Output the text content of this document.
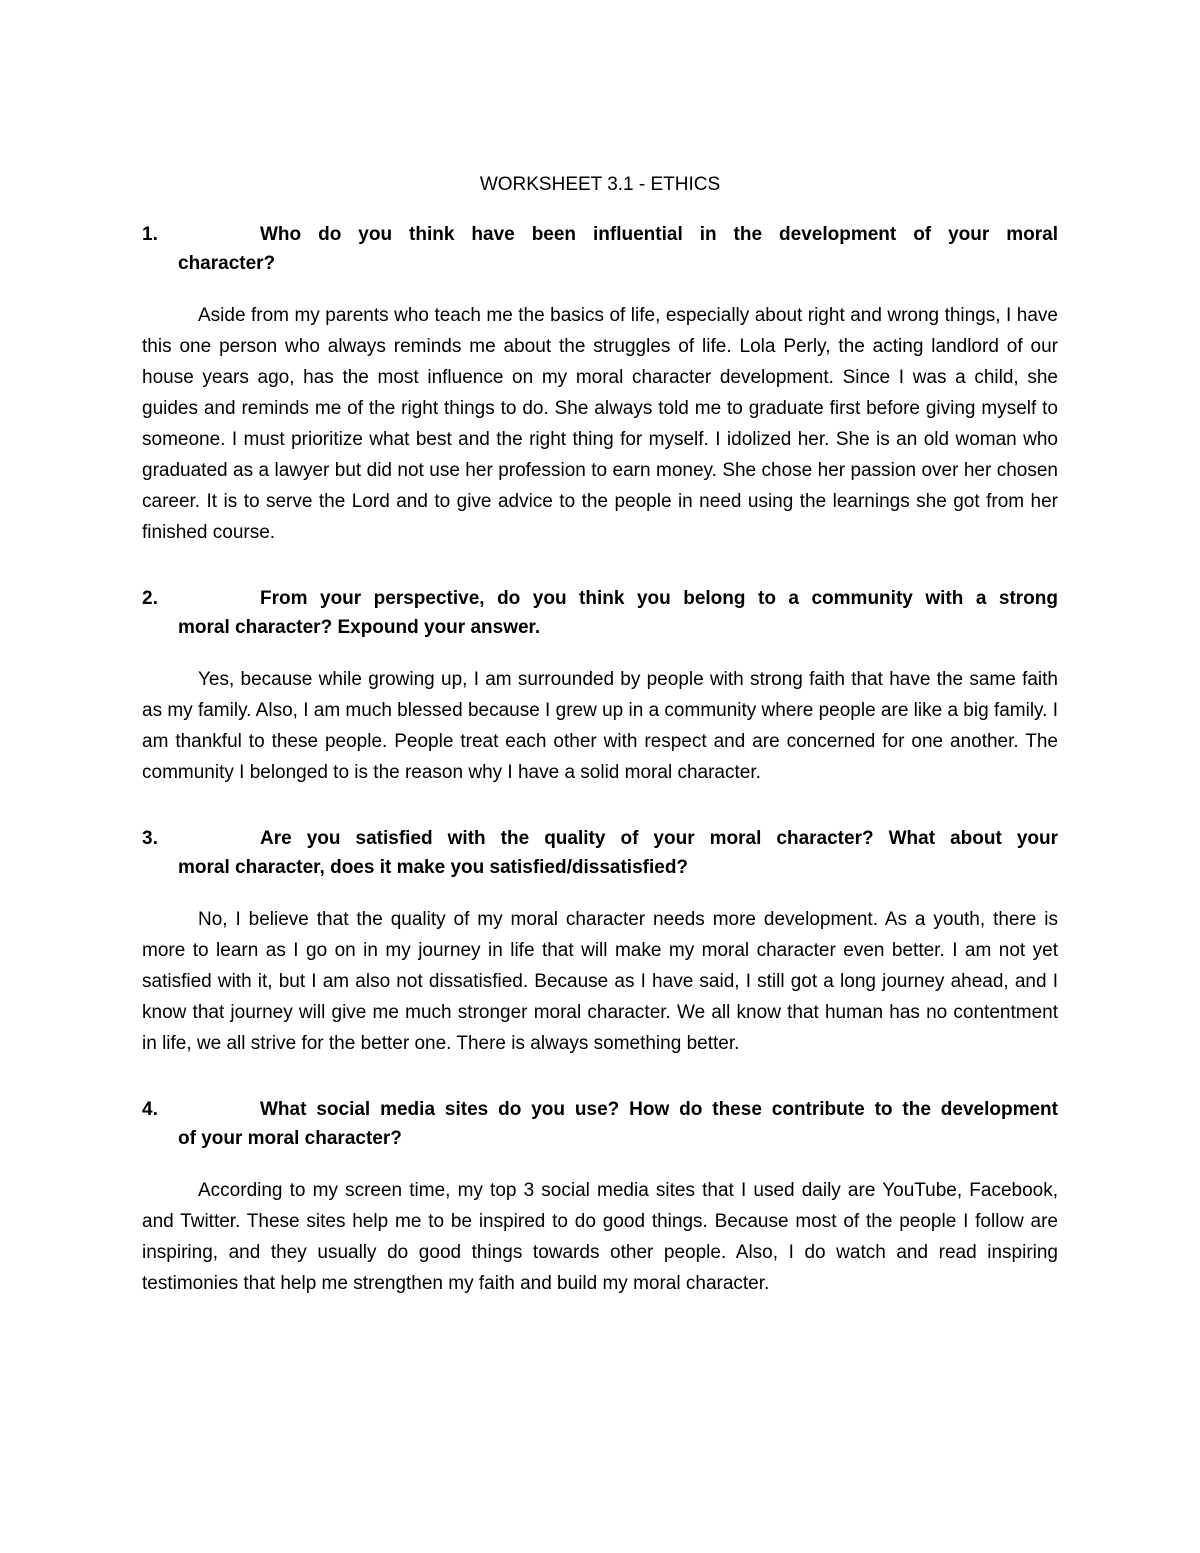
WORKSHEET 3.1 - ETHICS
1.	Who do you think have been influential in the development of your moral
character?

Aside from my parents who teach me the basics of life, especially about right and wrong things, I have this one person who always reminds me about the struggles of life. Lola Perly, the acting landlord of our house years ago, has the most influence on my moral character development. Since I was a child, she guides and reminds me of the right things to do. She always told me to graduate first before giving myself to someone. I must prioritize what best and the right thing for myself. I idolized her. She is an old woman who graduated as a lawyer but did not use her profession to earn money. She chose her passion over her chosen career. It is to serve the Lord and to give advice to the people in need using the learnings she got from her finished course.

2.	From your perspective, do you think you belong to a community with a strong
moral character? Expound your answer.

Yes, because while growing up, I am surrounded by people with strong faith that have the same faith as my family. Also, I am much blessed because I grew up in a community where people are like a big family. I am thankful to these people. People treat each other with respect and are concerned for one another. The community I belonged to is the reason why I have a solid moral character.

3.	Are you satisfied with the quality of your moral character? What about your
moral character, does it make you satisfied/dissatisfied?

No, I believe that the quality of my moral character needs more development. As a youth, there is more to learn as I go on in my journey in life that will make my moral character even better. I am not yet satisfied with it, but I am also not dissatisfied. Because as I have said, I still got a long journey ahead, and I know that journey will give me much stronger moral character. We all know that human has no contentment in life, we all strive for the better one. There is always something better.

4.	What social media sites do you use? How do these contribute to the development
of your moral character?

According to my screen time, my top 3 social media sites that I used daily are YouTube, Facebook, and Twitter. These sites help me to be inspired to do good things. Because most of the people I follow are inspiring, and they usually do good things towards other people. Also, I do watch and read inspiring testimonies that help me strengthen my faith and build my moral character.
